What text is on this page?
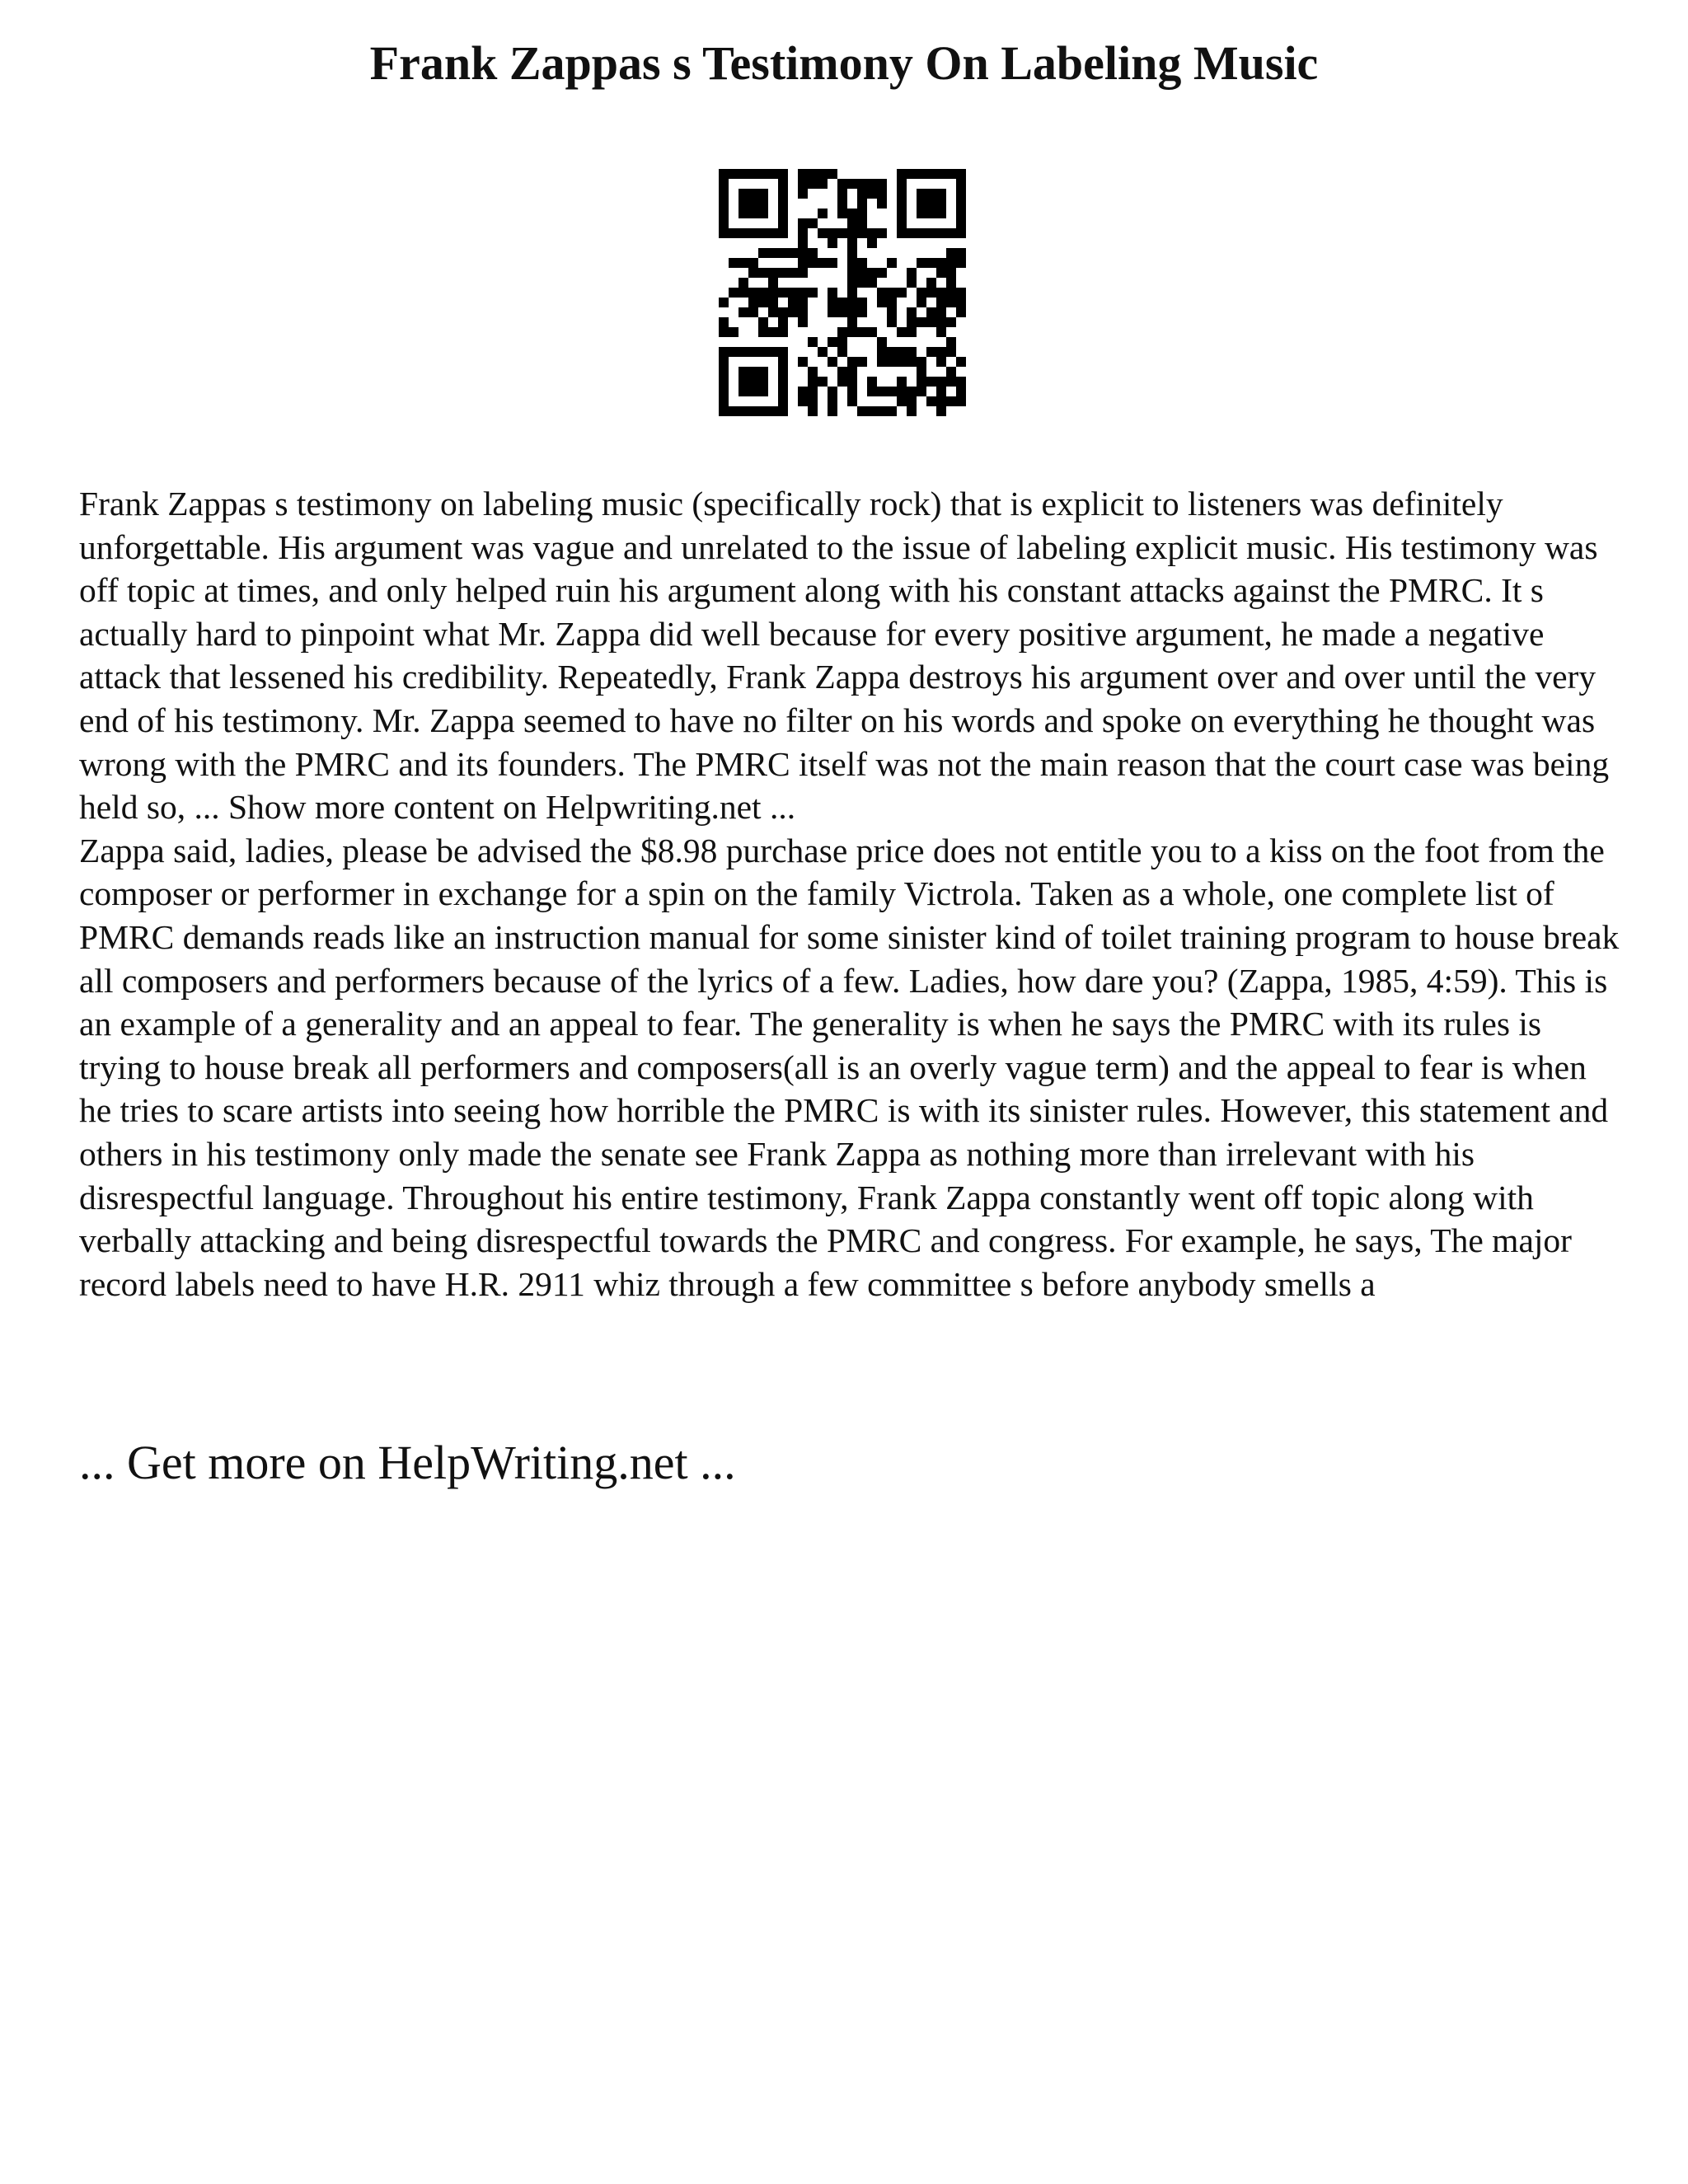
Frank Zappas s Testimony On Labeling Music

Frank Zappas s testimony on labeling music (specifically rock) that is explicit to listeners was definitely unforgettable. His argument was vague and unrelated to the issue of labeling explicit music. His testimony was off topic at times, and only helped ruin his argument along with his constant attacks against the PMRC. It s actually hard to pinpoint what Mr. Zappa did well because for every positive argument, he made a negative attack that lessened his credibility. Repeatedly, Frank Zappa destroys his argument over and over until the very end of his testimony. Mr. Zappa seemed to have no filter on his words and spoke on everything he thought was wrong with the PMRC and its founders. The PMRC itself was not the main reason that the court case was being held so, ... Show more content on Helpwriting.net ...

Zappa said, ladies, please be advised the $8.98 purchase price does not entitle you to a kiss on the foot from the composer or performer in exchange for a spin on the family Victrola. Taken as a whole, one complete list of PMRC demands reads like an instruction manual for some sinister kind of toilet training program to house break all composers and performers because of the lyrics of a few. Ladies, how dare you? (Zappa, 1985, 4:59). This is an example of a generality and an appeal to fear. The generality is when he says the PMRC with its rules is trying to house break all performers and composers(all is an overly vague term) and the appeal to fear is when he tries to scare artists into seeing how horrible the PMRC is with its sinister rules. However, this statement and others in his testimony only made the senate see Frank Zappa as nothing more than irrelevant with his disrespectful language. Throughout his entire testimony, Frank Zappa constantly went off topic along with verbally attacking and being disrespectful towards the PMRC and congress. For example, he says, The major record labels need to have H.R. 2911 whiz through a few committee s before anybody smells a

... Get more on HelpWriting.net ...
